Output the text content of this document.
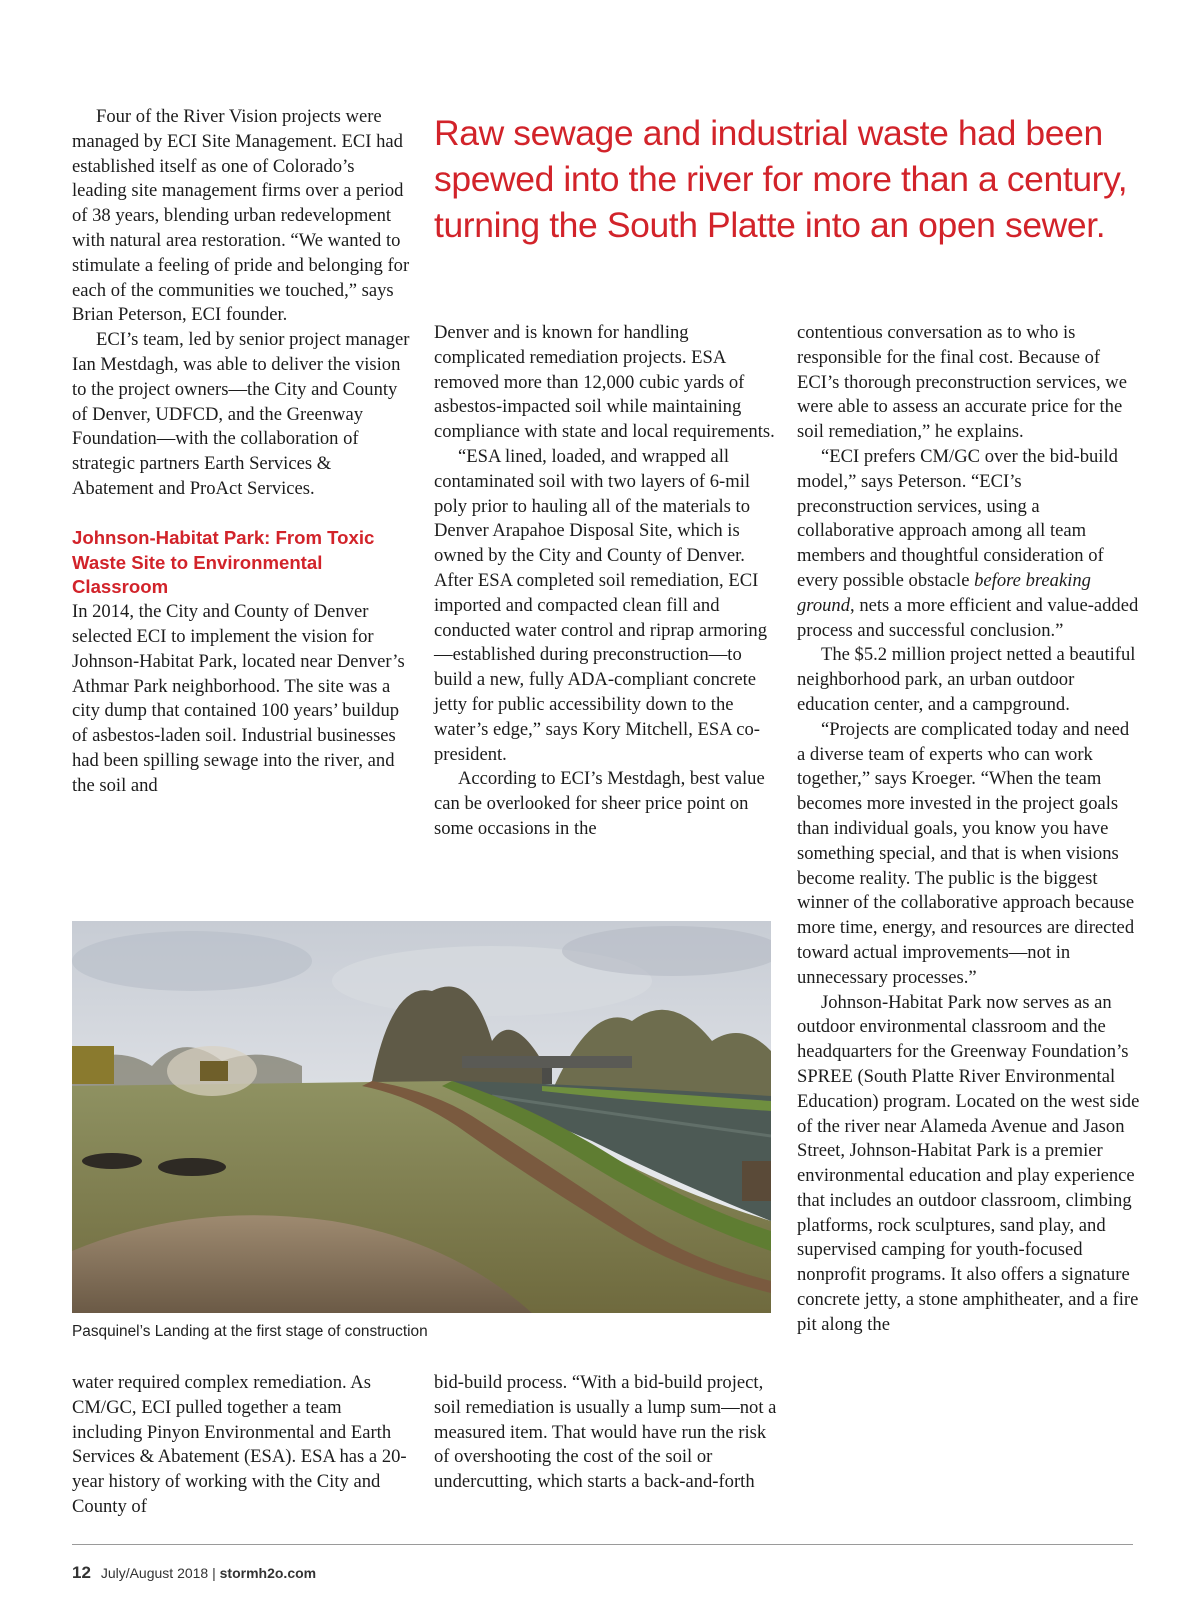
Four of the River Vision projects were managed by ECI Site Management. ECI had established itself as one of Colorado’s leading site management firms over a period of 38 years, blending urban redevelopment with natural area restoration. “We wanted to stimulate a feeling of pride and belonging for each of the communities we touched,” says Brian Peterson, ECI founder.

ECI’s team, led by senior project manager Ian Mestdagh, was able to deliver the vision to the project owners—the City and County of Denver, UDFCD, and the Greenway Foundation—with the collaboration of strategic partners Earth Services & Abatement and ProAct Services.

Johnson-Habitat Park: From Toxic Waste Site to Environmental Classroom

In 2014, the City and County of Denver selected ECI to implement the vision for Johnson-Habitat Park, located near Denver’s Athmar Park neighborhood. The site was a city dump that contained 100 years’ buildup of asbestos-laden soil. Industrial businesses had been spilling sewage into the river, and the soil and

Raw sewage and industrial waste had been spewed into the river for more than a century, turning the South Platte into an open sewer.

Denver and is known for handling complicated remediation projects. ESA removed more than 12,000 cubic yards of asbestos-impacted soil while maintaining compliance with state and local requirements.

“ESA lined, loaded, and wrapped all contaminated soil with two layers of 6-mil poly prior to hauling all of the materials to Denver Arapahoe Disposal Site, which is owned by the City and County of Denver. After ESA completed soil remediation, ECI imported and compacted clean fill and conducted water control and riprap armoring—established during preconstruction—to build a new, fully ADA-compliant concrete jetty for public accessibility down to the water’s edge,” says Kory Mitchell, ESA co-president.

According to ECI’s Mestdagh, best value can be overlooked for sheer price point on some occasions in the

contentious conversation as to who is responsible for the final cost. Because of ECI’s thorough preconstruction services, we were able to assess an accurate price for the soil remediation,” he explains.

“ECI prefers CM/GC over the bid-build model,” says Peterson. “ECI’s preconstruction services, using a collaborative approach among all team members and thoughtful consideration of every possible obstacle before breaking ground, nets a more efficient and value-added process and successful conclusion.”

The $5.2 million project netted a beautiful neighborhood park, an urban outdoor education center, and a campground.

“Projects are complicated today and need a diverse team of experts who can work together,” says Kroeger. “When the team becomes more invested in the project goals than individual goals, you know you have something special, and that is when visions become reality. The public is the biggest winner of the collaborative approach because more time, energy, and resources are directed toward actual improvements—not in unnecessary processes.”

Johnson-Habitat Park now serves as an outdoor environmental classroom and the headquarters for the Greenway Foundation’s SPREE (South Platte River Environmental Education) program. Located on the west side of the river near Alameda Avenue and Jason Street, Johnson-Habitat Park is a premier environmental education and play experience that includes an outdoor classroom, climbing platforms, rock sculptures, sand play, and supervised camping for youth-focused nonprofit programs. It also offers a signature concrete jetty, a stone amphitheater, and a fire pit along the

Pasquinel’s Landing at the first stage of construction

water required complex remediation. As CM/GC, ECI pulled together a team including Pinyon Environmental and Earth Services & Abatement (ESA). ESA has a 20-year history of working with the City and County of

bid-build process. “With a bid-build project, soil remediation is usually a lump sum—not a measured item. That would have run the risk of overshooting the cost of the soil or undercutting, which starts a back-and-forth

12 July/August 2018 | stormh2o.com
